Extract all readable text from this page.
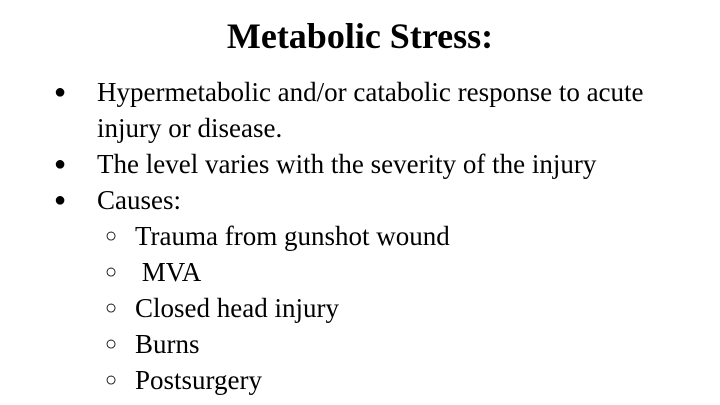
Metabolic Stress:
●	Hypermetabolic and/or catabolic response to acute injury or disease.
●	The level varies with the severity of the injury
●	Causes:
○ Trauma from gunshot wound
○ MVA
○ Closed head injury
○ Burns
○ Postsurgery
